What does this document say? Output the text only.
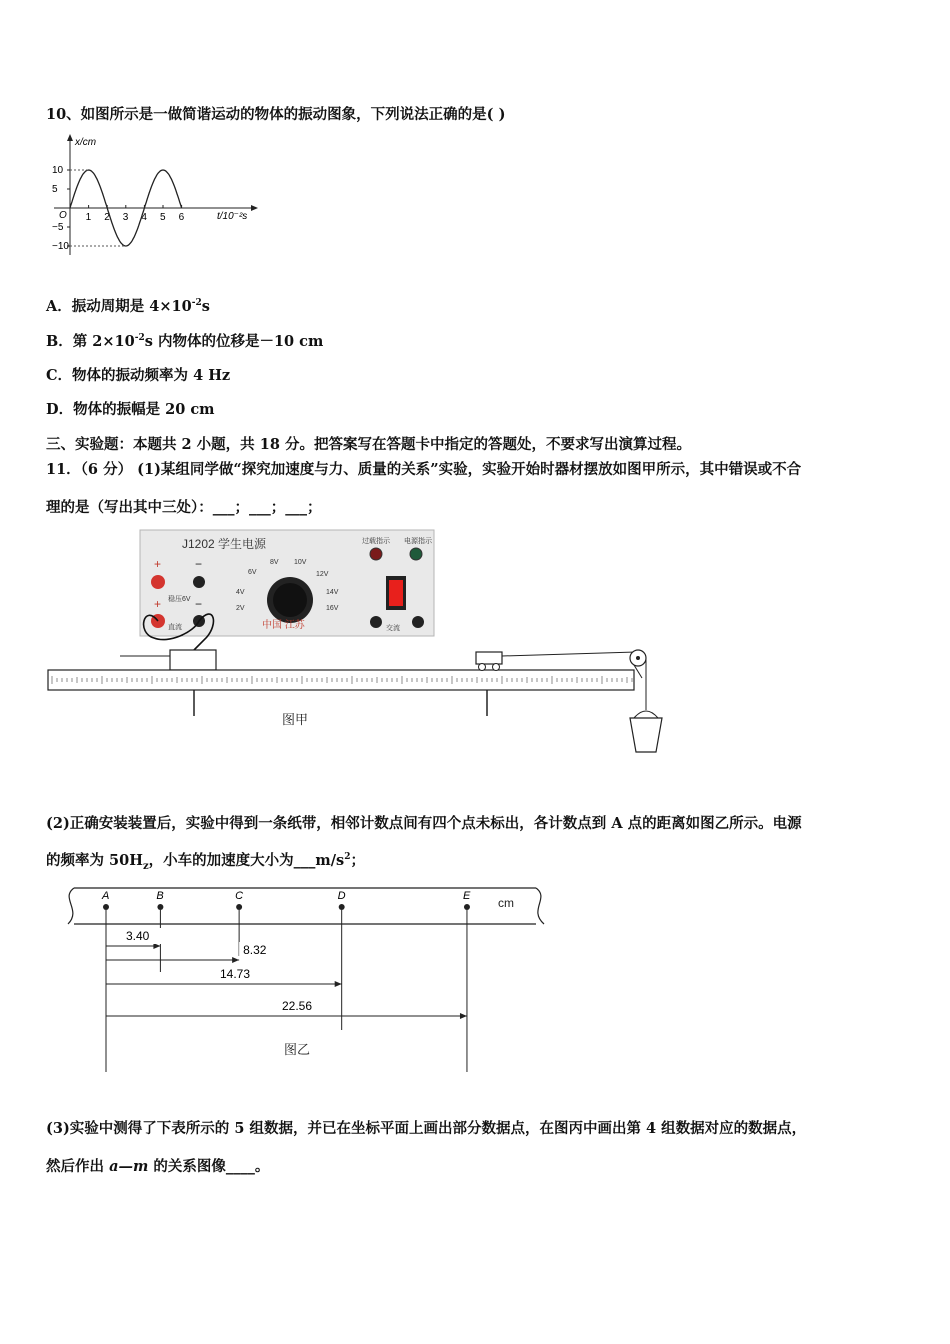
10、如图所示是一做简谐运动的物体的振动图象，下列说法正确的是( )
x/cm
t/10⁻²s
O
10
5
−5
−10
1 2 3 4 5 6
A．振动周期是 $4\times 10^{-2}s$
B．第 $2\times 10^{-2}s$ 内物体的位移是－10 cm
C．物体的振动频率为 4 Hz
D．物体的振幅是 20 cm
三、实验题：本题共 2 小题，共 18 分。把答案写在答题卡中指定的答题处，不要求写出演算过程。
11．（6 分） (1)某组同学做“探究加速度与力、质量的关系”实验，实验开始时器材摆放如图甲所示，其中错误或不合
理的是（写出其中三处）：___；___；___；
J1202 学生电源	过载指示 电源指示
8V 10V
6V	12V
4V	14V
2V	16V
中国 江苏
+	−
稳压6V
+	−
直流	交流
图甲
(2)正确安装装置后，实验中得到一条纸带，相邻计数点间有四个点未标出，各计数点到 A 点的距离如图乙所示。电源
的频率为 $50H_z$，小车的加速度大小为$\_\_\_m/s^2$；
cm
A	B	C	D	E
3.40
8.32
14.73
22.56
图乙
(3)实验中测得了下表所示的 5 组数据，并已在坐标平面上画出部分数据点，在图丙中画出第 4 组数据对应的数据点，
然后作出 a—m 的关系图像____。
